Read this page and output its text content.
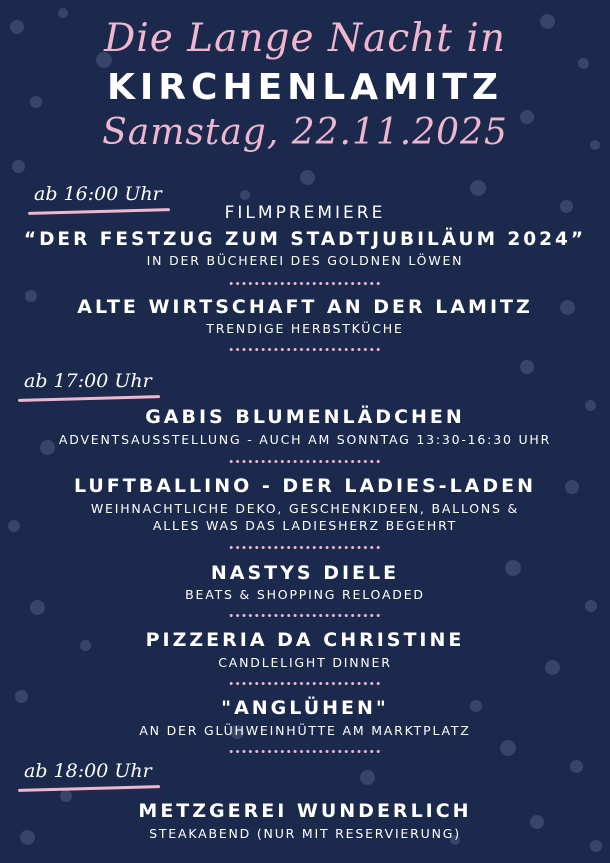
Die Lange Nacht in
KIRCHENLAMITZ
Samstag, 22.11.2025
ab 16:00 Uhr
FILMPREMIERE
“DER FESTZUG ZUM STADTJUBILÄUM 2024”
IN DER BÜCHEREI DES GOLDNEN LÖWEN
ALTE WIRTSCHAFT AN DER LAMITZ
TRENDIGE HERBSTKÜCHE
ab 17:00 Uhr
GABIS BLUMENLÄDCHEN
ADVENTSAUSSTELLUNG - AUCH AM SONNTAG 13:30-16:30 UHR
LUFTBALLINO - DER LADIES-LADEN
WEIHNACHTLICHE DEKO, GESCHENKIDEEN, BALLONS &
ALLES WAS DAS LADIESHERZ BEGEHRT
NASTYS DIELE
BEATS & SHOPPING RELOADED
PIZZERIA DA CHRISTINE
CANDLELIGHT DINNER
"ANGLÜHEN"
AN DER GLÜHWEINHÜTTE AM MARKTPLATZ
ab 18:00 Uhr
METZGEREI WUNDERLICH
STEAKABEND (NUR MIT RESERVIERUNG)
